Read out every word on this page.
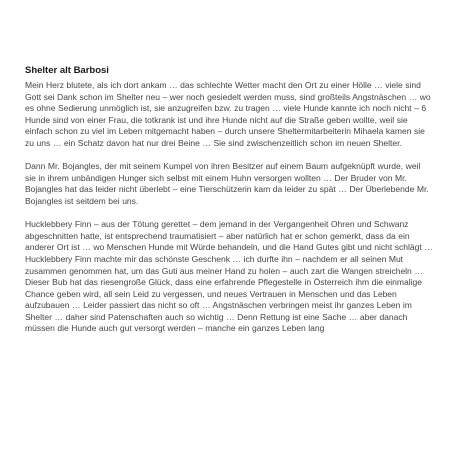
Shelter alt Barbosi

Mein Herz blutete, als ich dort ankam … das schlechte Wetter macht den Ort zu einer Hölle … viele sind Gott sei Dank schon im Shelter neu – wer noch gesiedelt werden muss, sind großteils Angstnäschen … wo es ohne Sedierung unmöglich ist, sie anzugreifen bzw. zu tragen … viele Hunde kannte ich noch nicht – 6 Hunde sind von einer Frau, die totkrank ist und ihre Hunde nicht auf die Straße geben wollte, weil sie einfach schon zu viel im Leben mitgemacht haben – durch unsere Sheltermitarbeiterin Mihaela kamen sie zu uns … ein Schatz davon hat nur drei Beine … Sie sind zwischenzeitlich schon im neuen Shelter.

Dann Mr. Bojangles, der mit seinem Kumpel von ihren Besitzer auf einem Baum aufgeknüpft wurde, weil sie in ihrem unbändigen Hunger sich selbst mit einem Huhn versorgen wollten … Der Bruder von Mr. Bojangles hat das leider nicht überlebt – eine Tierschützerin kam da leider zu spät … Der Überlebende Mr. Bojangles ist seitdem bei uns.

Hucklebbery Finn – aus der Tötung gerettet – dem jemand in der Vergangenheit Ohren und Schwanz abgeschnitten hatte, ist entsprechend traumatisiert – aber natürlich hat er schon gemerkt, dass da ein anderer Ort ist … wo Menschen Hunde mit Würde behandeln, und die Hand Gutes gibt und nicht schlägt … Hucklebbery Finn machte mir das schönste Geschenk … ich durfte ihn – nachdem er all seinen Mut zusammen genommen hat, um das Guti aus meiner Hand zu holen – auch zart die Wangen streicheln … Dieser Bub hat das riesengroße Glück, dass eine erfahrende Pflegestelle in Österreich ihm die einmalige Chance geben wird, all sein Leid zu vergessen, und neues Vertrauen in Menschen und das Leben aufzubauen … Leider passiert das nicht so oft … Angstnäschen verbringen meist ihr ganzes Leben im Shelter … daher sind Patenschaften auch so wichtig … Denn Rettung ist eine Sache … aber danach müssen die Hunde auch gut versorgt werden – manche ein ganzes Leben lang
